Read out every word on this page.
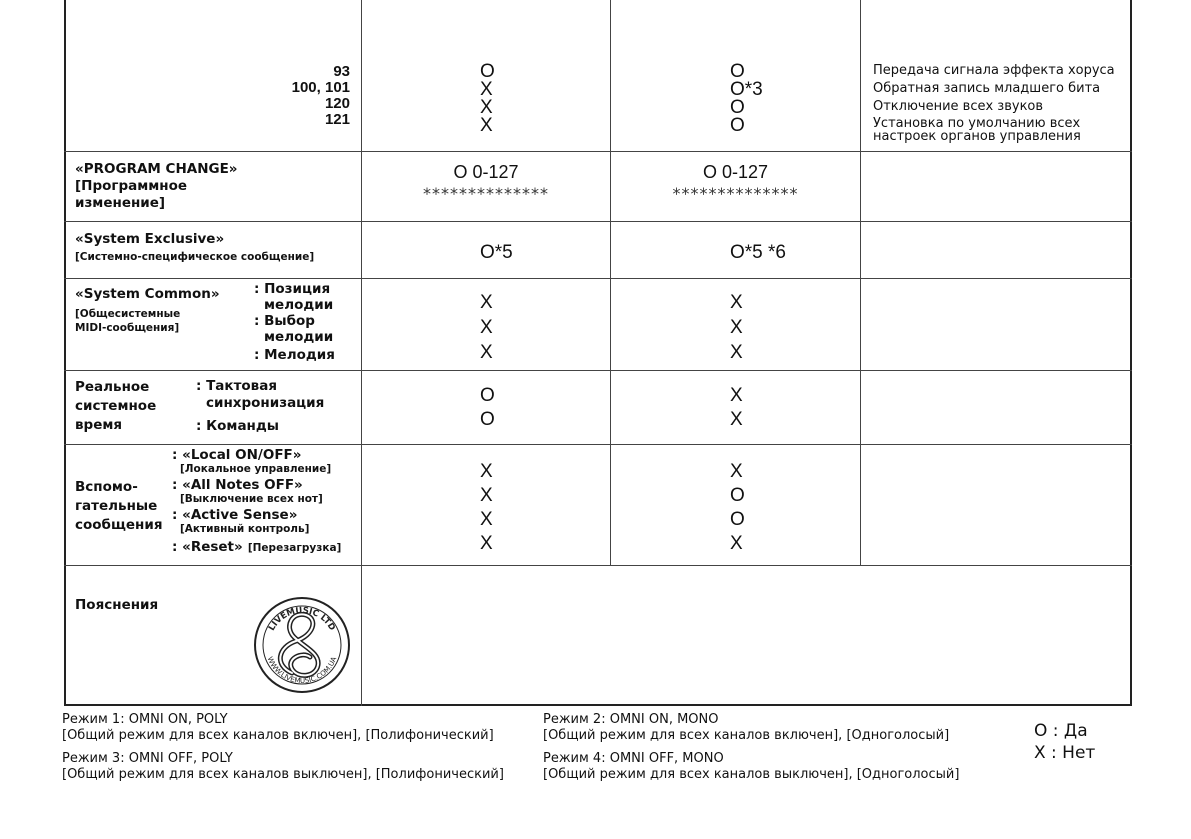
93
100, 101
120
121
O
X
X
X
O
O*3
O
O
Передача сигнала эффекта хоруса
Обратная запись младшего бита
Отключение всех звуков
Установка по умолчанию всех
настроек органов управления
«PROGRAM CHANGE»
[Программное
изменение]
O 0-127
**************
O 0-127
**************
«System Exclusive»
[Системно-специфическое сообщение]	O*5	O*5 *6
«System Common»
[Общесистемные
MIDI-сообщения]
: Позиция
мелодии
: Выбор
мелодии
: Мелодия
X
X
X
X
X
X
Реальное
системное
время
: Тактовая
синхронизация
: Команды
O
O
X
X
Вспомо-
гательные
сообщения
: «Local ON/OFF»
[Локальное управление]
: «All Notes OFF»
[Выключение всех нот]
: «Active Sense»
[Активный контроль]
: «Reset» [Перезагрузка]
X
X
X
X
X
O
O
X
Пояснения
LIVEMUSIC LTD
WWW.LIVEMUSIC.COM.UA
Режим 1: OMNI ON, POLY
[Общий режим для всех каналов включен], [Полифонический]
Режим 3: OMNI OFF, POLY
[Общий режим для всех каналов выключен], [Полифонический]
Режим 2: OMNI ON, MONO
[Общий режим для всех каналов включен], [Одноголосый]
Режим 4: OMNI OFF, MONO
[Общий режим для всех каналов выключен], [Одноголосый]
O : Да
X : Нет
